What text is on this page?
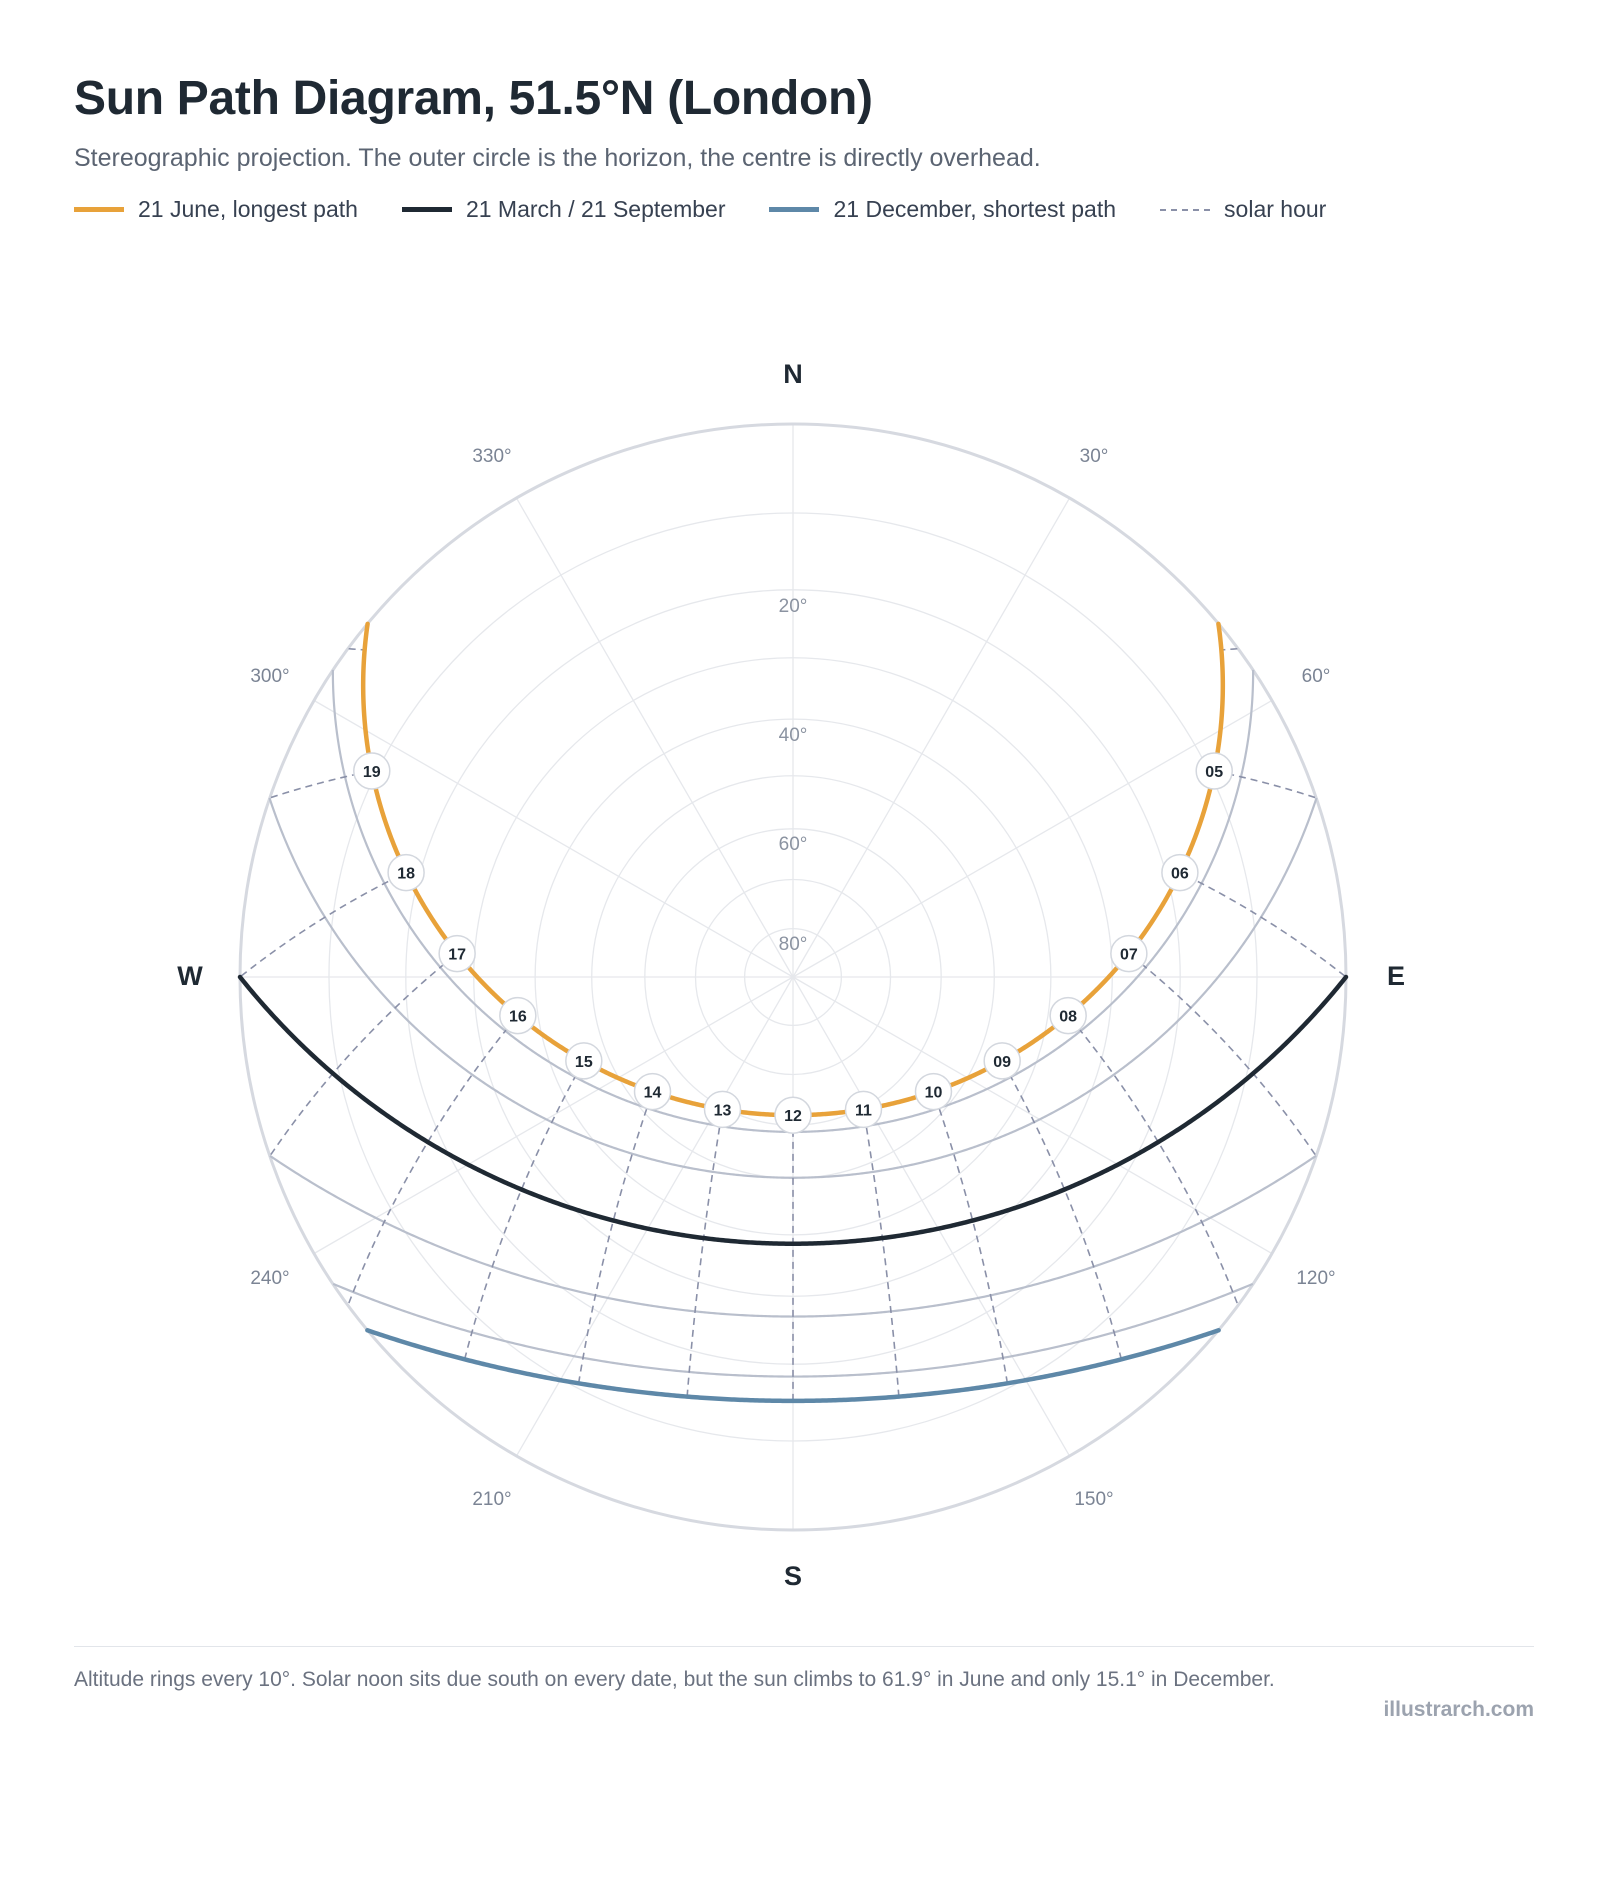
Sun Path Diagram, 51.5°N (London)

Stereographic projection. The outer circle is the horizon, the centre is directly overhead.

21 June, longest path	21 March / 21 September	21 December, shortest path	solar hour
05
06
07
08
09
10
11
12
13
14
15
16
17
18
19
N
S
E
W
30°
60°
120°
150°
210°
240°
300°
330°
20°
40°
60°
80°
Altitude rings every 10°. Solar noon sits due south on every date, but the sun climbs to 61.9° in June and only 15.1° in December.
illustrarch.com
